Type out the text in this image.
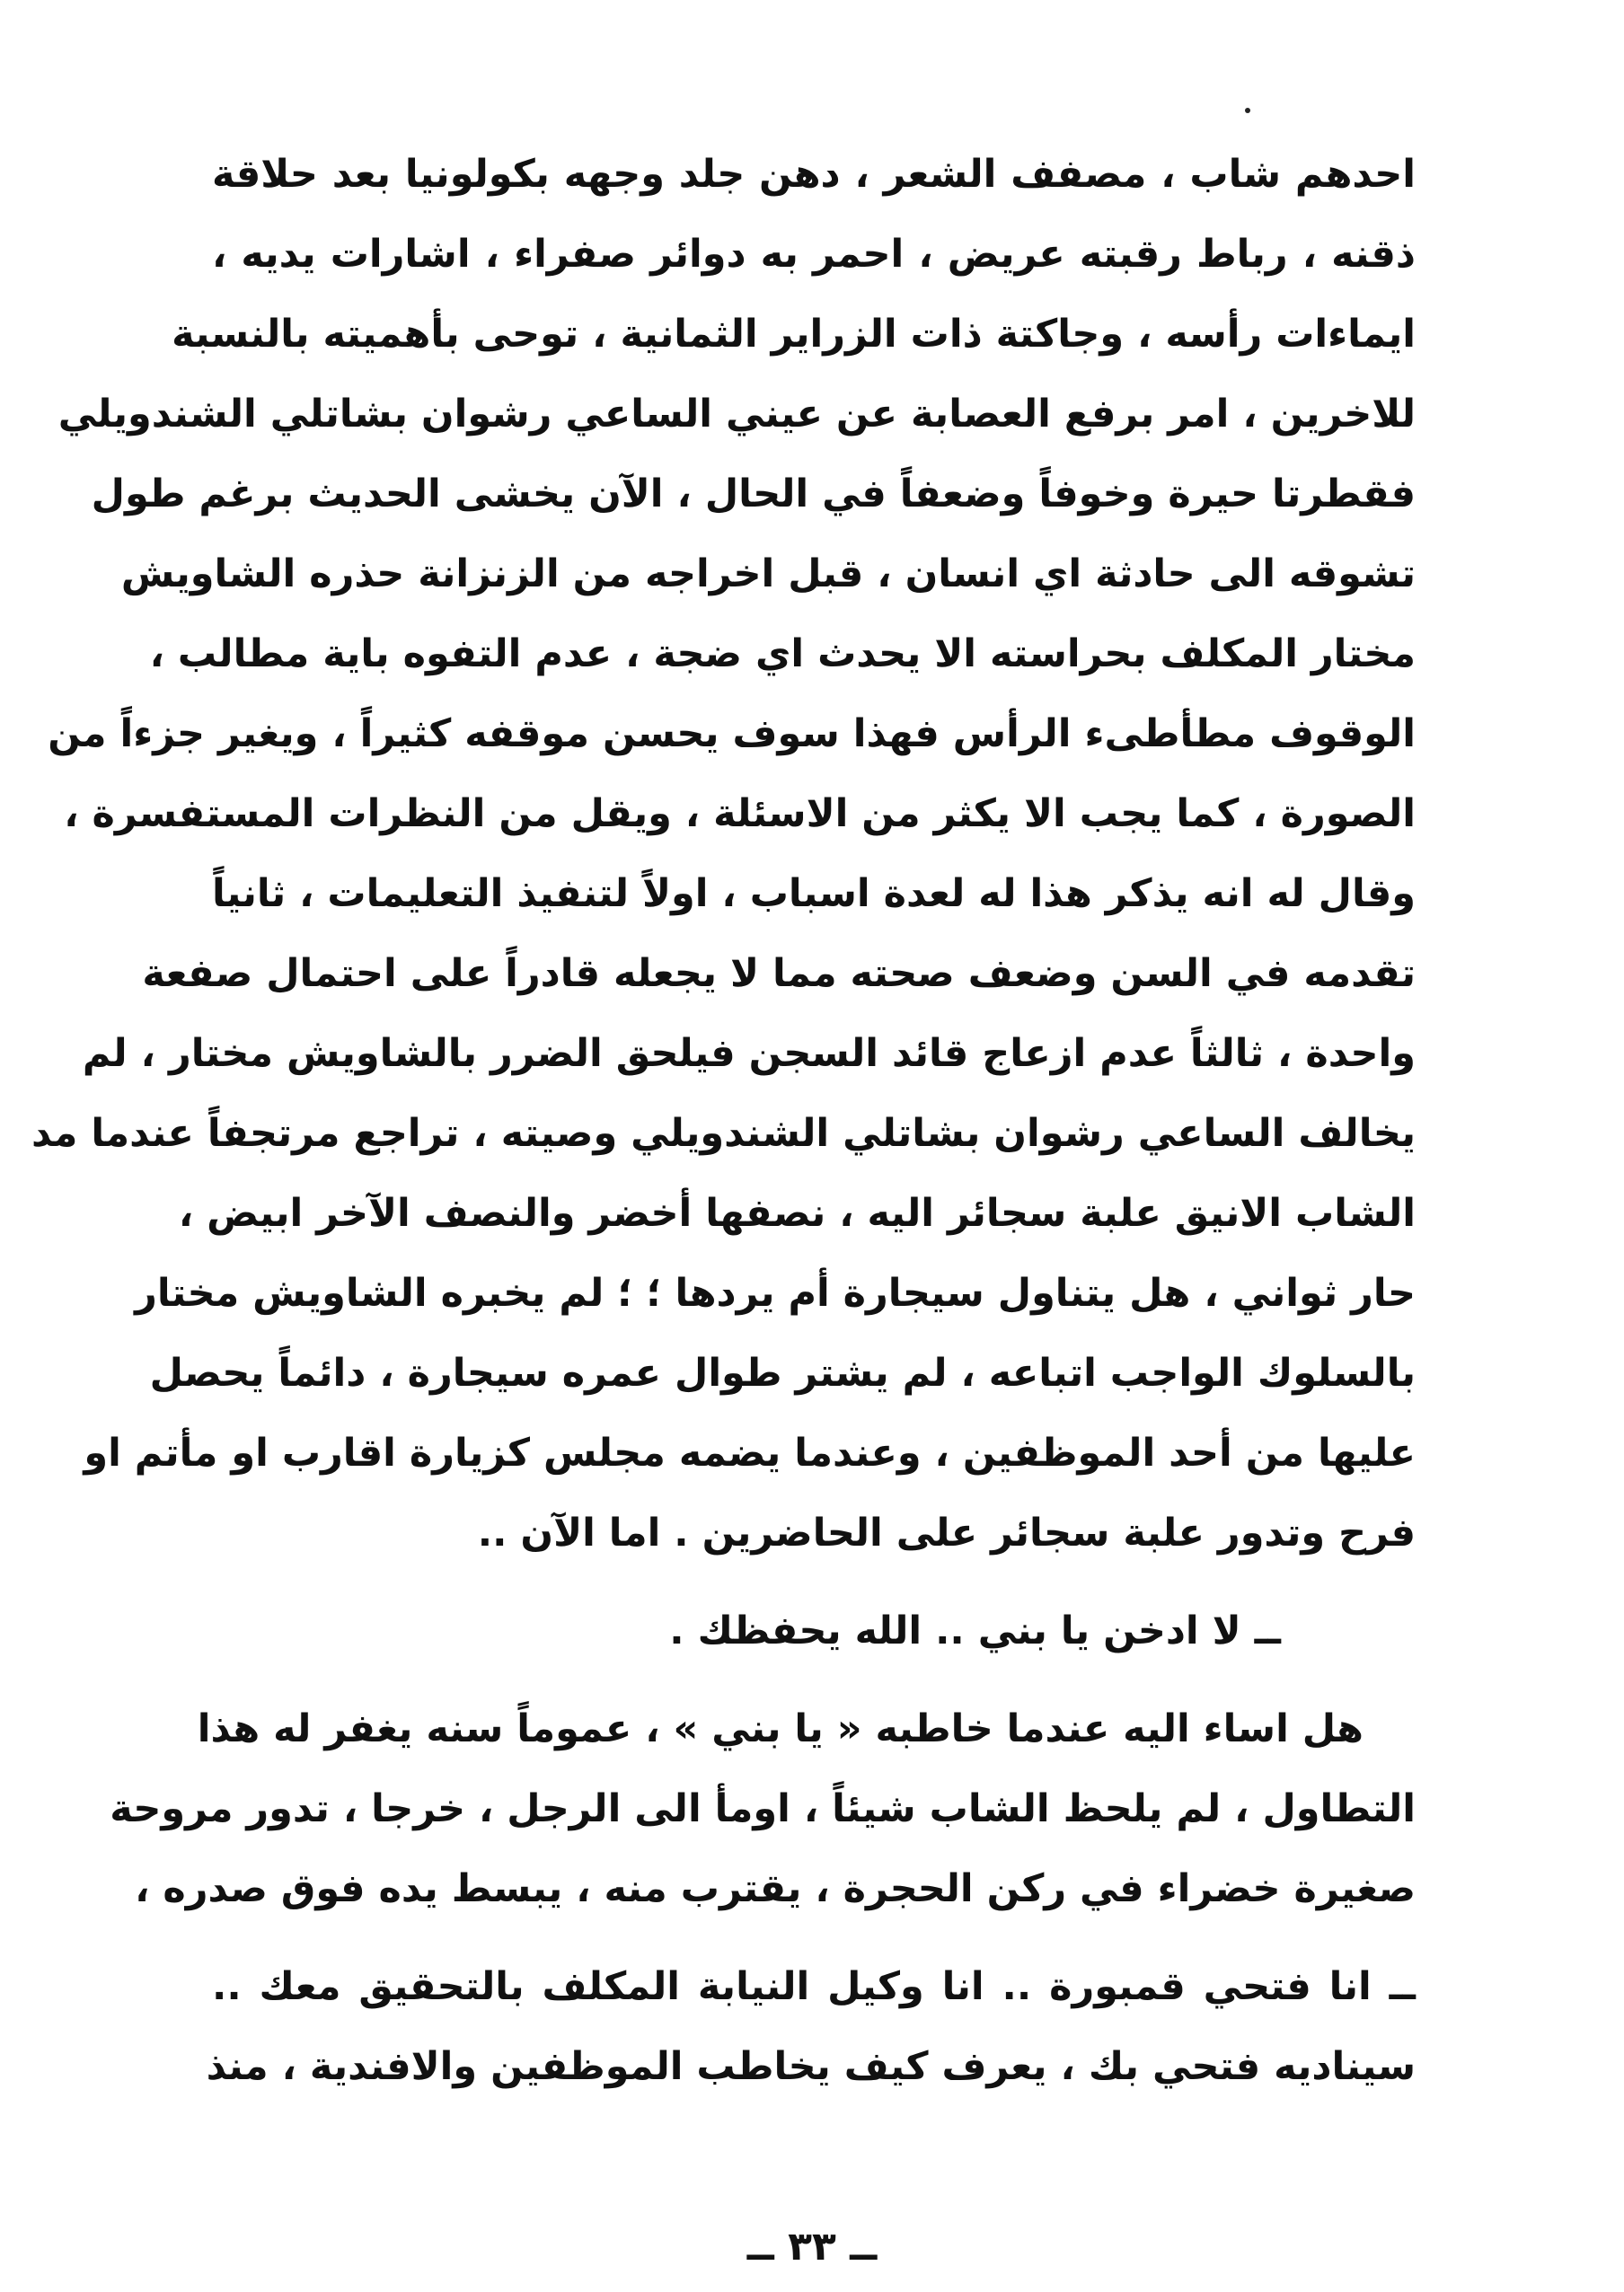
احدهم شاب ، مصفف الشعر ، دهن جلد وجهه بكولونيا بعد حلاقة
ذقنه ، رباط رقبته عريض ، احمر به دوائر صفراء ، اشارات يديه ،
ايماءات رأسه ، وجاكتة ذات الزراير الثمانية ، توحى بأهميته بالنسبة
للاخرين ، امر برفع العصابة عن عيني الساعي رشوان بشاتلي الشندويلي
فقطرتا حيرة وخوفاً وضعفاً في الحال ، الآن يخشى الحديث برغم طول
تشوقه الى حادثة اي انسان ، قبل اخراجه من الزنزانة حذره الشاويش
مختار المكلف بحراسته الا يحدث اي ضجة ، عدم التفوه باية مطالب ،
الوقوف مطأطىء الرأس فهذا سوف يحسن موقفه كثيراً ، ويغير جزءاً من
الصورة ، كما يجب الا يكثر من الاسئلة ، ويقل من النظرات المستفسرة ،
وقال له انه يذكر هذا له لعدة اسباب ، اولاً لتنفيذ التعليمات ، ثانياً
تقدمه في السن وضعف صحته مما لا يجعله قادراً على احتمال صفعة
واحدة ، ثالثاً عدم ازعاج قائد السجن فيلحق الضرر بالشاويش مختار ، لم
يخالف الساعي رشوان بشاتلي الشندويلي وصيته ، تراجع مرتجفاً عندما مد
الشاب الانيق علبة سجائر اليه ، نصفها أخضر والنصف الآخر ابيض ،
حار ثواني ، هل يتناول سيجارة أم يردها ؛ ؛ لم يخبره الشاويش مختار
بالسلوك الواجب اتباعه ، لم يشتر طوال عمره سيجارة ، دائماً يحصل
عليها من أحد الموظفين ، وعندما يضمه مجلس كزيارة اقارب او مأتم او
فرح وتدور علبة سجائر على الحاضرين . اما الآن ..
ــ لا ادخن يا بني .. الله يحفظك .
هل اساء اليه عندما خاطبه « يا بني » ، عموماً سنه يغفر له هذا
التطاول ، لم يلحظ الشاب شيئاً ، اومأ الى الرجل ، خرجا ، تدور مروحة
صغيرة خضراء في ركن الحجرة ، يقترب منه ، يبسط يده فوق صدره ،
ــ انا فتحي قمبورة .. انا وكيل النيابة المكلف بالتحقيق معك ..
سيناديه فتحي بك ، يعرف كيف يخاطب الموظفين والافندية ، منذ
ــ ٣٣ ــ
